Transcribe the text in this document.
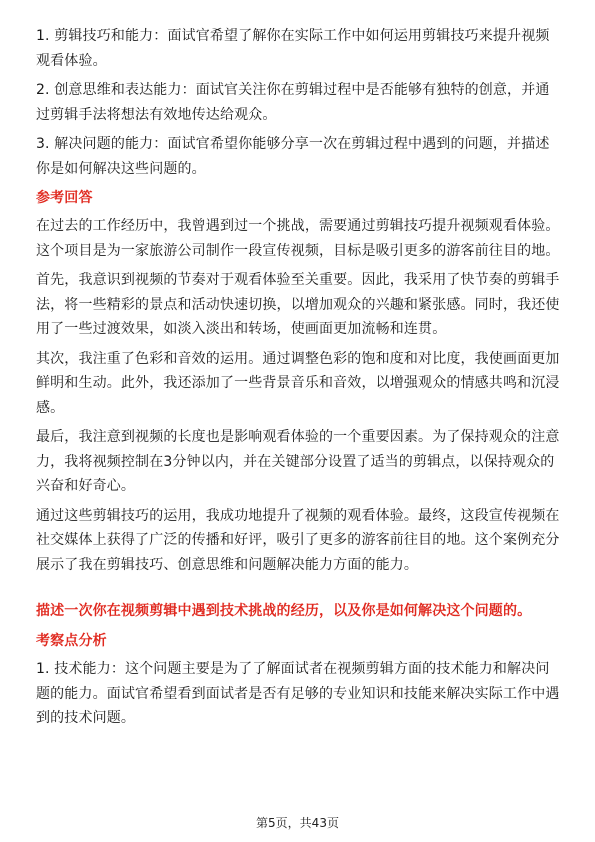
1. 剪辑技巧和能力：面试官希望了解你在实际工作中如何运用剪辑技巧来提升视频观看体验。

2. 创意思维和表达能力：面试官关注你在剪辑过程中是否能够有独特的创意，并通过剪辑手法将想法有效地传达给观众。

3. 解决问题的能力：面试官希望你能够分享一次在剪辑过程中遇到的问题，并描述你是如何解决这些问题的。

参考回答

在过去的工作经历中，我曾遇到过一个挑战，需要通过剪辑技巧提升视频观看体验。这个项目是为一家旅游公司制作一段宣传视频，目标是吸引更多的游客前往目的地。

首先，我意识到视频的节奏对于观看体验至关重要。因此，我采用了快节奏的剪辑手法，将一些精彩的景点和活动快速切换，以增加观众的兴趣和紧张感。同时，我还使用了一些过渡效果，如淡入淡出和转场，使画面更加流畅和连贯。

其次，我注重了色彩和音效的运用。通过调整色彩的饱和度和对比度，我使画面更加鲜明和生动。此外，我还添加了一些背景音乐和音效，以增强观众的情感共鸣和沉浸感。

最后，我注意到视频的长度也是影响观看体验的一个重要因素。为了保持观众的注意力，我将视频控制在3分钟以内，并在关键部分设置了适当的剪辑点，以保持观众的兴奋和好奇心。

通过这些剪辑技巧的运用，我成功地提升了视频的观看体验。最终，这段宣传视频在社交媒体上获得了广泛的传播和好评，吸引了更多的游客前往目的地。这个案例充分展示了我在剪辑技巧、创意思维和问题解决能力方面的能力。

描述一次你在视频剪辑中遇到技术挑战的经历，以及你是如何解决这个问题的。

考察点分析

1. 技术能力：这个问题主要是为了了解面试者在视频剪辑方面的技术能力和解决问题的能力。面试官希望看到面试者是否有足够的专业知识和技能来解决实际工作中遇到的技术问题。

第5页，共43页
